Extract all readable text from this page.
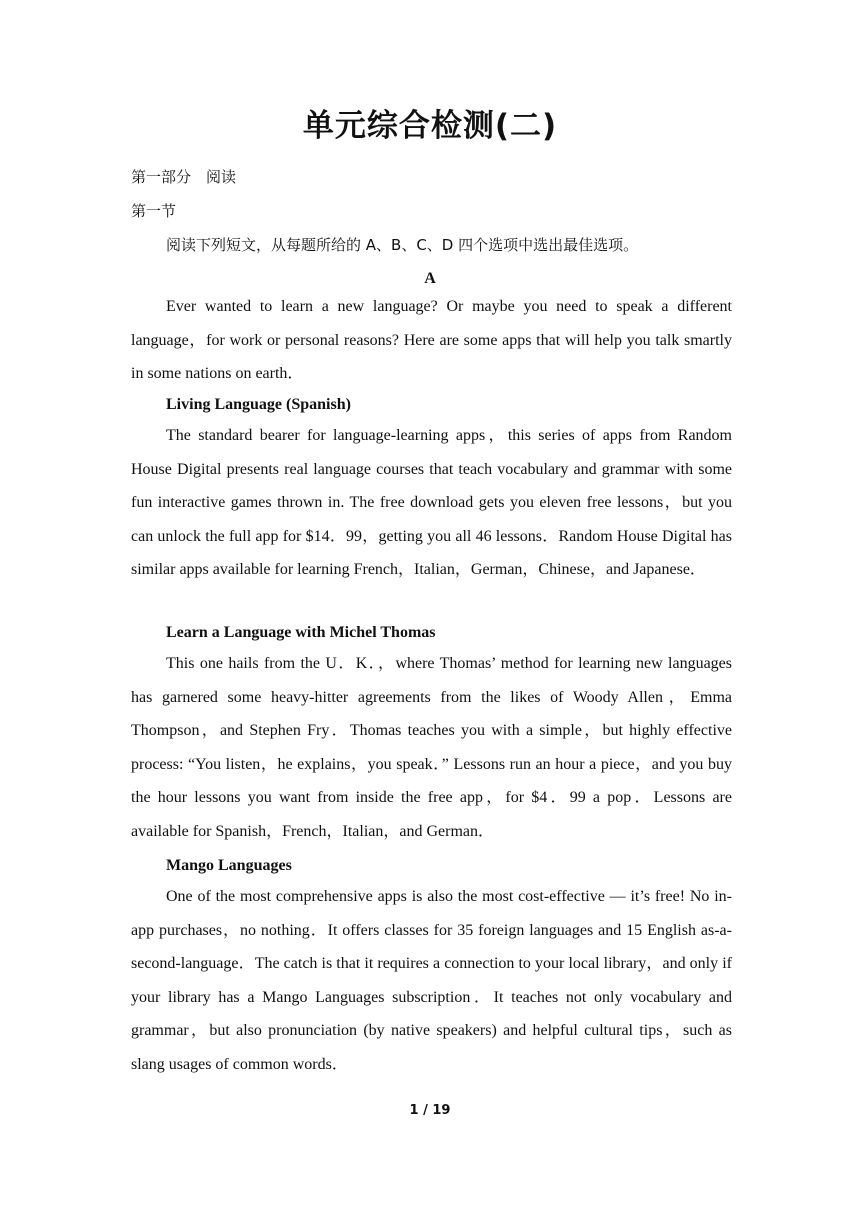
单元综合检测(二)
第一部分　阅读
第一节
阅读下列短文，从每题所给的 A、B、C、D 四个选项中选出最佳选项。
A
Ever wanted to learn a new language? Or maybe you need to speak a different language，for work or personal reasons? Here are some apps that will help you talk smartly in some nations on earth．
Living Language (Spanish)
The standard bearer for language-learning apps，this series of apps from Random House Digital presents real language courses that teach vocabulary and grammar with some fun interactive games thrown in. The free download gets you eleven free lessons，but you can unlock the full app for $14．99，getting you all 46 lessons．Random House Digital has similar apps available for learning French，Italian，German，Chinese，and Japanese．
Learn a Language with Michel Thomas
This one hails from the U．K．，where Thomas’ method for learning new languages has garnered some heavy-hitter agreements from the likes of Woody Allen，Emma Thompson，and Stephen Fry．Thomas teaches you with a simple，but highly effective process: “You listen，he explains，you speak．” Lessons run an hour a piece，and you buy the hour lessons you want from inside the free app，for $4．99 a pop．Lessons are available for Spanish，French，Italian，and German．
Mango Languages
One of the most comprehensive apps is also the most cost-effective — it’s free! No in-app purchases，no nothing．It offers classes for 35 foreign languages and 15 English as-a-second-language．The catch is that it requires a connection to your local library，and only if your library has a Mango Languages subscription．It teaches not only vocabulary and grammar，but also pronunciation (by native speakers) and helpful cultural tips，such as slang usages of common words．
1 / 19
